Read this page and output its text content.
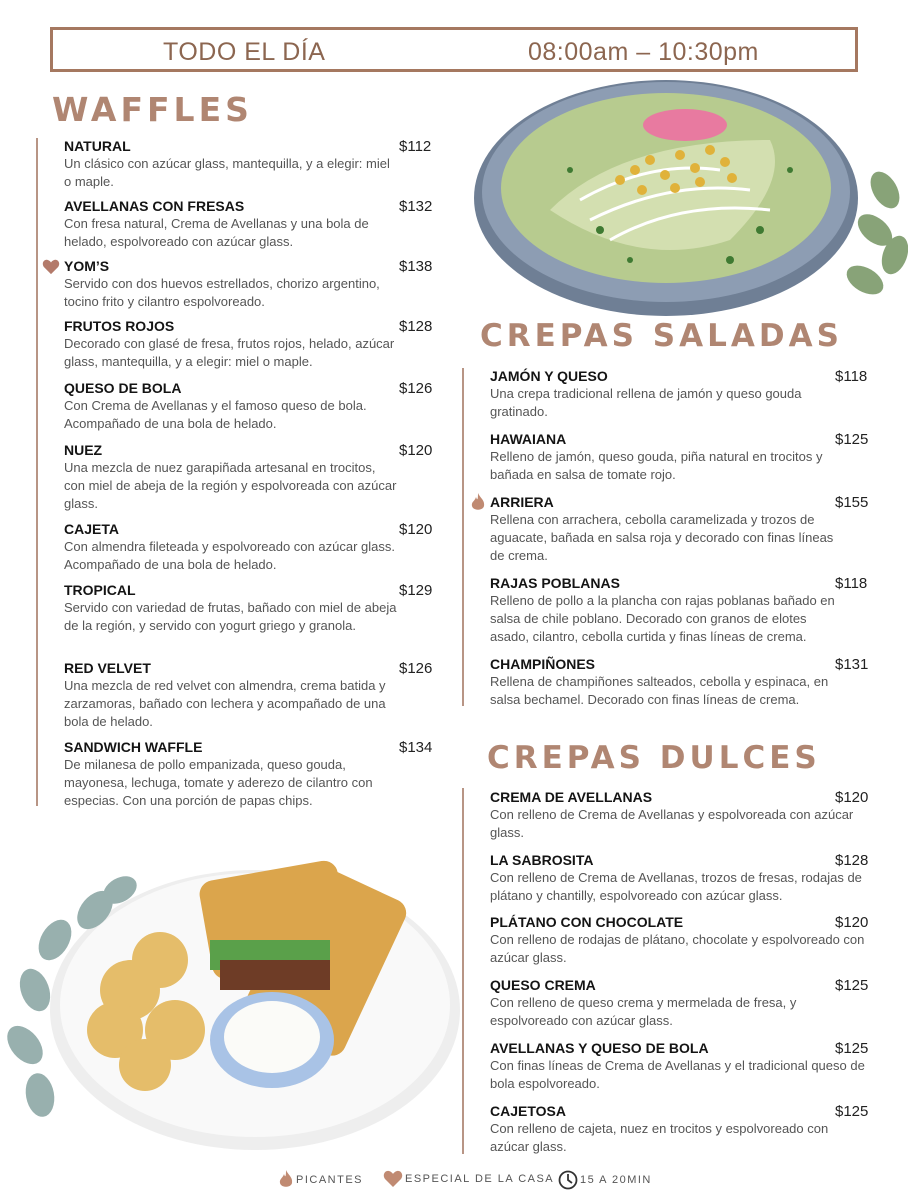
TODO EL DÍA	08:00am – 10:30pm
WAFFLES
NATURAL	$112
Un clásico con azúcar glass, mantequilla, y a elegir: miel o maple.
AVELLANAS CON FRESAS	$132
Con fresa natural, Crema de Avellanas y una bola de helado, espolvoreado con azúcar glass.
YOM’S	$138
Servido con dos huevos estrellados, chorizo argentino, tocino frito y cilantro espolvoreado.
FRUTOS ROJOS	$128
Decorado con glasé de fresa, frutos rojos, helado, azúcar glass, mantequilla, y a elegir: miel o maple.
QUESO DE BOLA	$126
Con Crema de Avellanas y el famoso queso de bola. Acompañado de una bola de helado.
NUEZ	$120
Una mezcla de nuez garapiñada artesanal en trocitos, con miel de abeja de la región y espolvoreada con azúcar glass.
CAJETA	$120
Con almendra fileteada y espolvoreado con azúcar glass. Acompañado de una bola de helado.
TROPICAL	$129
Servido con variedad de frutas, bañado con miel de abeja de la región, y servido con yogurt griego y granola.
RED VELVET	$126
Una mezcla de red velvet con almendra, crema batida y zarzamoras, bañado con lechera y acompañado de una bola de helado.
SANDWICH WAFFLE	$134
De milanesa de pollo empanizada, queso gouda, mayonesa, lechuga, tomate y aderezo de cilantro con especias. Con una porción de papas chips.
CREPAS SALADAS
JAMÓN Y QUESO	$118
Una crepa tradicional rellena de jamón y queso gouda gratinado.
HAWAIANA	$125
Relleno de jamón, queso gouda, piña natural en trocitos y bañada en salsa de tomate rojo.
ARRIERA	$155
Rellena con arrachera, cebolla caramelizada y trozos de aguacate, bañada en salsa roja y decorado con finas líneas de crema.
RAJAS POBLANAS	$118
Relleno de pollo a la plancha con rajas poblanas bañado en salsa de chile poblano. Decorado con granos de elotes asado, cilantro, cebolla curtida y finas líneas de crema.
CHAMPIÑONES	$131
Rellena de champiñones salteados, cebolla y espinaca, en salsa bechamel. Decorado con finas líneas de crema.
CREPAS DULCES
CREMA DE AVELLANAS	$120
Con relleno de Crema de Avellanas y espolvoreada con azúcar glass.
LA SABROSITA	$128
Con relleno de Crema de Avellanas, trozos de fresas, rodajas de plátano y chantilly, espolvoreado con azúcar glass.
PLÁTANO CON CHOCOLATE	$120
Con relleno de rodajas de plátano, chocolate y espolvoreado con azúcar glass.
QUESO CREMA	$125
Con relleno de queso crema y mermelada de fresa, y espolvoreado con azúcar glass.
AVELLANAS Y QUESO DE BOLA	$125
Con finas líneas de Crema de Avellanas y el tradicional queso de bola espolvoreado.
CAJETOSA	$125
Con relleno de cajeta, nuez en trocitos y espolvoreado con azúcar glass.
PICANTES	ESPECIAL DE LA CASA 15 A 20MIN
